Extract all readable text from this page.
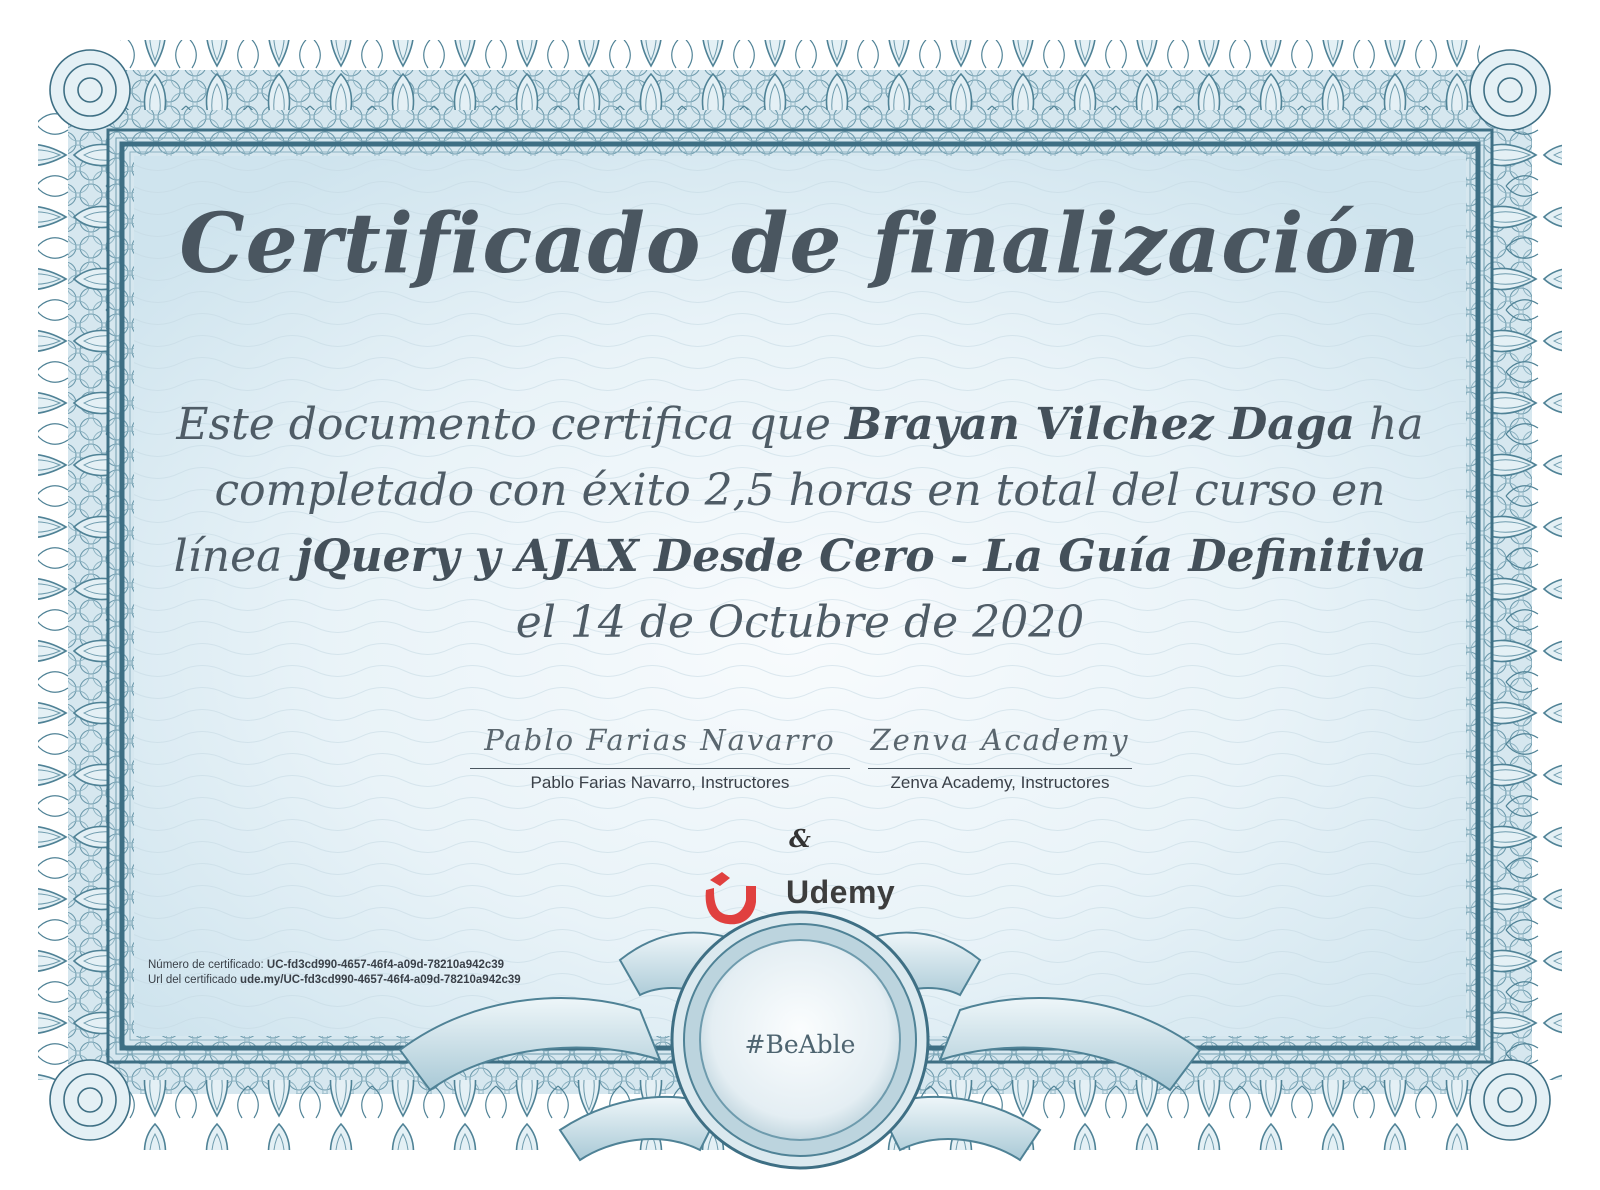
Certificado de finalización

Este documento certifica que Brayan Vilchez Daga ha completado con éxito 2,5 horas en total del curso en línea jQuery y AJAX Desde Cero - La Guía Definitiva el 14 de Octubre de 2020

Pablo Farias Navarro
Pablo Farias Navarro, Instructores
Zenva Academy
Zenva Academy, Instructores
&
Udemy
Número de certificado: UC-fd3cd990-4657-46f4-a09d-78210a942c39
Url del certificado ude.my/UC-fd3cd990-4657-46f4-a09d-78210a942c39
#BeAble
